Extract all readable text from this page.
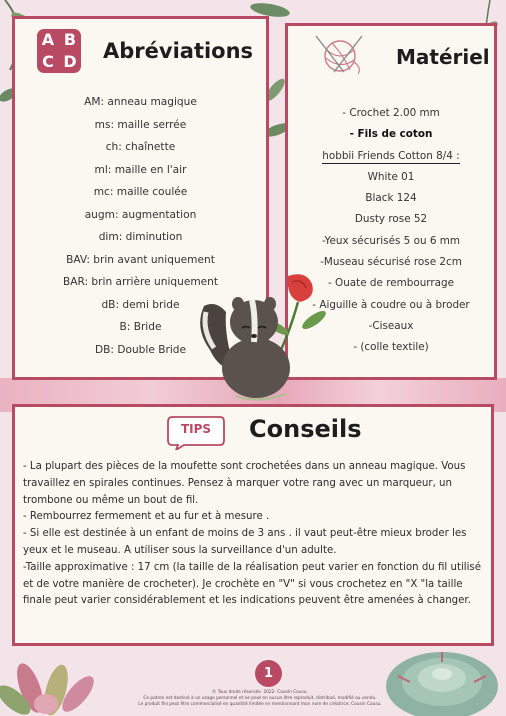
A B
C D Abréviations
AM: anneau magique
ms: maille serrée
ch: chaînette
ml: maille en l'air
mc: maille coulée
augm: augmentation
dim: diminution
BAV: brin avant uniquement
BAR: brin arrière uniquement
dB: demi bride
B: Bride
DB: Double Bride
Matériel
- Crochet 2.00 mm
- Fils de coton
hobbii Friends Cotton 8/4 :
White 01
Black 124
Dusty rose 52
-Yeux sécurisés 5 ou 6 mm
-Museau sécurisé rose 2cm
- Ouate de rembourrage
- Aiguille à coudre ou à broder
-Ciseaux
- (colle textile)
TIPS	Conseils

- La plupart des pièces de la moufette sont crochetées dans un anneau magique. Vous travaillez en spirales continues. Pensez à marquer votre rang avec un marqueur, un trombone ou même un bout de fil.

- Rembourrez fermement et au fur et à mesure .

- Si elle est destinée à un enfant de moins de 3 ans . il vaut peut-être mieux broder les yeux et le museau. A utiliser sous la surveillance d'un adulte.

-Taille approximative : 17 cm (la taille de la réalisation peut varier en fonction du fil utilisé et de votre manière de crocheter). Je crochète en "V" si vous crochetez en "X "la taille finale peut varier considérablement et les indications peuvent être amenées à changer.

1
© Tous droits réservés- 2022- Cousin Cousu.
Ce patron est destiné à un usage personnel et ne peut en aucun être reproduit, distribué, modifié ou vendu.
Le produit fini peut être commercialisé en quantité limitée en mentionnant mon nom de créatrice: Cousin Cousu.
